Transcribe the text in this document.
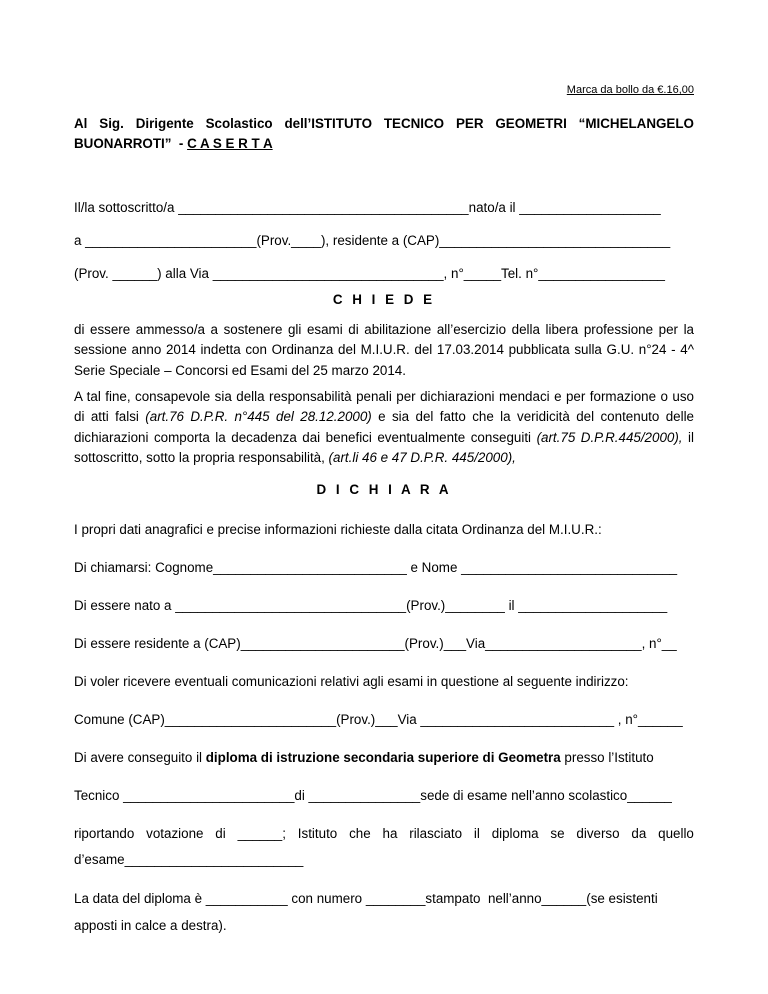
Marca da bollo da €.16,00
Al Sig. Dirigente Scolastico dell’ISTITUTO TECNICO PER GEOMETRI “MICHELANGELO
BUONARROTI”  - C A S E R T A
Il/la sottoscritto/a _______________________________________nato/a il ___________________
a _______________________(Prov.____), residente a (CAP)_______________________________
(Prov. ______) alla Via _______________________________, n°_____Tel. n°_________________
C H I E D E
di essere ammesso/a a sostenere gli esami di abilitazione all’esercizio della libera professione per la sessione anno 2014 indetta con Ordinanza del M.I.U.R. del 17.03.2014 pubblicata sulla G.U. n°24 - 4^ Serie Speciale – Concorsi ed Esami del 25 marzo 2014.
A tal fine, consapevole sia della responsabilità penali per dichiarazioni mendaci e per formazione o uso di atti falsi (art.76 D.P.R. n°445 del 28.12.2000) e sia del fatto che la veridicità del contenuto delle dichiarazioni comporta la decadenza dai benefici eventualmente conseguiti (art.75 D.P.R.445/2000), il sottoscritto, sotto la propria responsabilità, (art.li 46 e 47 D.P.R. 445/2000),
D I C H I A R A
I propri dati anagrafici e precise informazioni richieste dalla citata Ordinanza del M.I.U.R.:
Di chiamarsi: Cognome__________________________ e Nome _____________________________
Di essere nato a _______________________________(Prov.)________ il ____________________
Di essere residente a (CAP)______________________(Prov.)___Via_____________________, n°__
Di voler ricevere eventuali comunicazioni relativi agli esami in questione al seguente indirizzo:
Comune (CAP)_______________________(Prov.)___Via __________________________ , n°______
Di avere conseguito il diploma di istruzione secondaria superiore di Geometra presso l’Istituto
Tecnico _______________________di _______________sede di esame nell’anno scolastico______
riportando votazione di ______; Istituto che ha rilasciato il diploma se diverso da quello
d’esame________________________
La data del diploma è ___________ con numero ________stampato  nell’anno______(se esistenti
apposti in calce a destra).
